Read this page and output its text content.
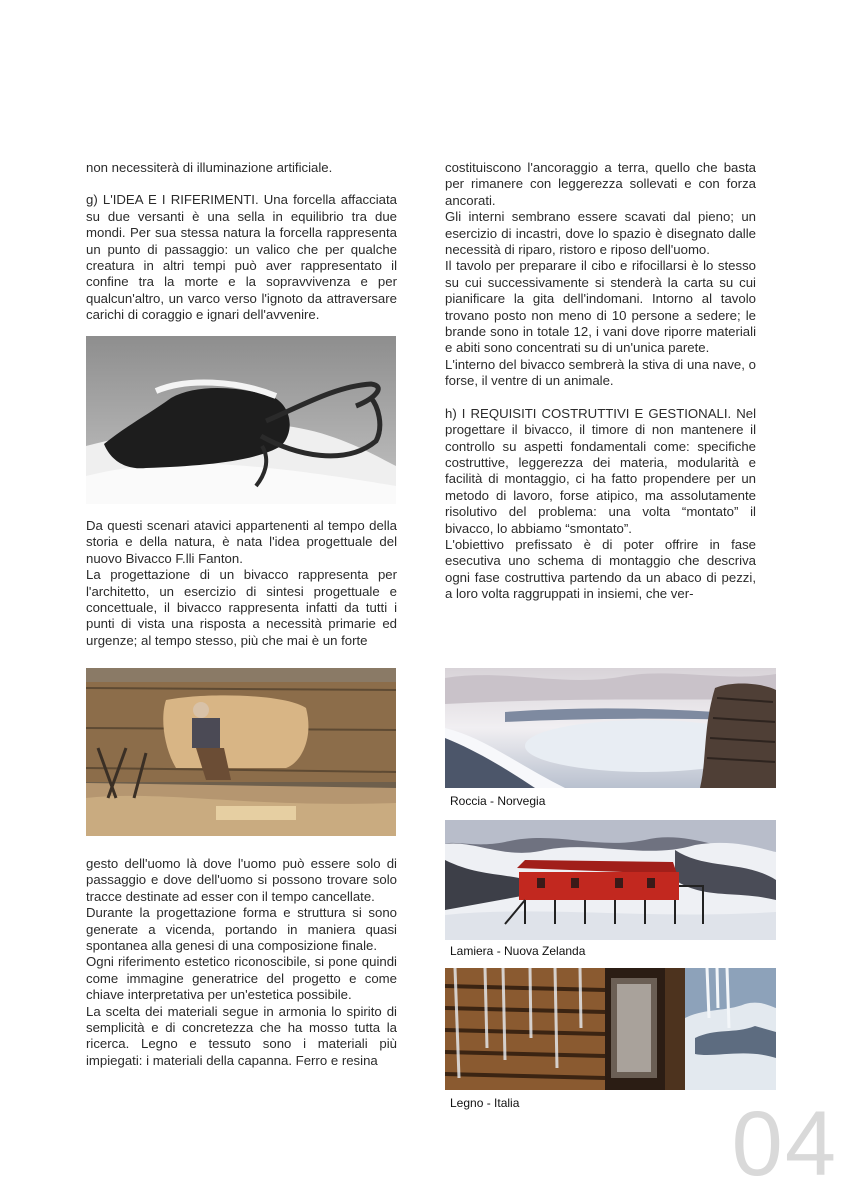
non necessiterà di illuminazione artificiale.

g) L'IDEA E I RIFERIMENTI. Una forcella affacciata su due versanti è una sella in equilibrio tra due mondi. Per sua stessa natura la forcella rappresenta un punto di passaggio: un valico che per qualche creatura in altri tempi può aver rappresentato il confine tra la morte e la sopravvivenza e per qualcun'altro, un varco verso l'ignoto da attraversare carichi di coraggio e ignari dell'avvenire.

Da questi scenari atavici appartenenti al tempo della storia e della natura, è nata l'idea progettuale del nuovo Bivacco F.lli Fanton.

La progettazione di un bivacco rappresenta per l'architetto, un esercizio di sintesi progettuale e concettuale, il bivacco rappresenta infatti da tutti i punti di vista una risposta a necessità primarie ed urgenze; al tempo stesso, più che mai è un forte

gesto dell'uomo là dove l'uomo può essere solo di passaggio e dove dell'uomo si possono trovare solo tracce destinate ad esser con il tempo cancellate.

Durante la progettazione forma e struttura si sono generate a vicenda, portando in maniera quasi spontanea alla genesi di una composizione finale.

Ogni riferimento estetico riconoscibile, si pone quindi come immagine generatrice del progetto e come chiave interpretativa per un'estetica possibile.

La scelta dei materiali segue in armonia lo spirito di semplicità e di concretezza che ha mosso tutta la ricerca. Legno e tessuto sono i materiali più impiegati: i materiali della capanna. Ferro e resina

costituiscono l'ancoraggio a terra, quello che basta per rimanere con leggerezza sollevati e con forza ancorati.

Gli interni sembrano essere scavati dal pieno; un esercizio di incastri, dove lo spazio è disegnato dalle necessità di riparo, ristoro e riposo dell'uomo.

Il tavolo per preparare il cibo e rifocillarsi è lo stesso su cui successivamente si stenderà la carta su cui pianificare la gita dell'indomani. Intorno al tavolo trovano posto non meno di 10 persone a sedere; le brande sono in totale 12, i vani dove riporre materiali e abiti sono concentrati su di un'unica parete.

L'interno del bivacco sembrerà la stiva di una nave, o forse, il ventre di un animale.

h) I REQUISITI COSTRUTTIVI E GESTIONALI. Nel progettare il bivacco, il timore di non mantenere il controllo su aspetti fondamentali come: specifiche costruttive, leggerezza dei materia, modularità e facilità di montaggio, ci ha fatto propendere per un metodo di lavoro, forse atipico, ma assolutamente risolutivo del problema: una volta “montato” il bivacco, lo abbiamo “smontato”.

L'obiettivo prefissato è di poter offrire in fase esecutiva uno schema di montaggio che descriva ogni fase costruttiva partendo da un abaco di pezzi, a loro volta raggruppati in insiemi, che ver-

Roccia - Norvegia
Lamiera - Nuova Zelanda
Legno - Italia 04
